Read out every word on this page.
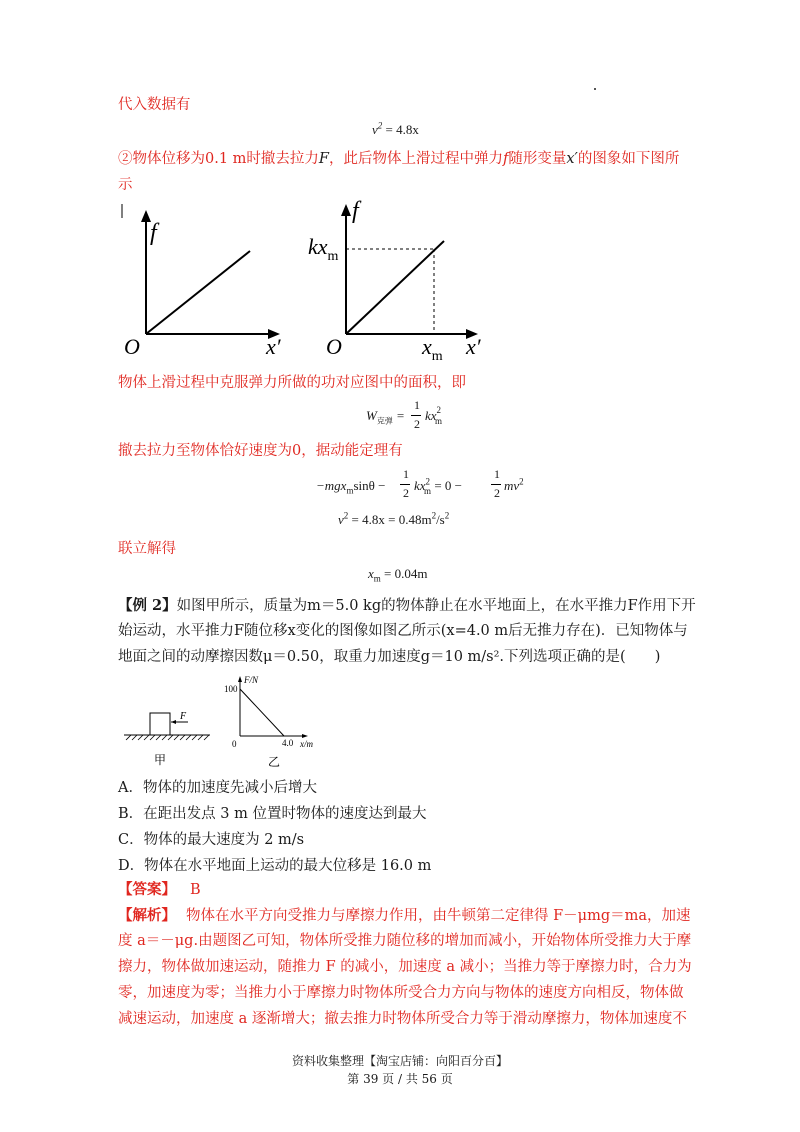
代入数据有
$v^2 = 4.8x$
②物体位移为0.1 m时撤去拉力F，此后物体上滑过程中弹力f随形变量x′的图象如下图所
示
f
O	x′
f
$kx_m$
O	$x_m$ x′
物体上滑过程中克服弹力所做的功对应图中的面积，即
$W_{克弹}$ =
1
2
$kx^2_m$
撤去拉力至物体恰好速度为0，据动能定理有
−mgx$_m$sinθ −
1
2 $kx^2_m = 0$ −
1
2 $mv^2$
$v^2 = 4.8x = 0.48m^2/s^2$
联立解得
$x_m = 0.04m$
【例 2】如图甲所示，质量为m＝5.0 kg的物体静止在水平地面上，在水平推力F作用下开
始运动，水平推力F随位移x变化的图像如图乙所示(x=4.0 m后无推力存在)．已知物体与
地面之间的动摩擦因数μ＝0.50，取重力加速度g＝10 m/s².下列选项正确的是(　　)
F
甲
F/N
100
0	4.0 x/m
乙
A．物体的加速度先减小后增大
B．在距出发点 3 m 位置时物体的速度达到最大
C．物体的最大速度为 2 m/s
D．物体在水平地面上运动的最大位移是 16.0 m
【答案】 B
【解析】 物体在水平方向受推力与摩擦力作用，由牛顿第二定律得 F－μmg＝ma，加速
度 a＝－μg.由题图乙可知，物体所受推力随位移的增加而减小，开始物体所受推力大于摩
擦力，物体做加速运动，随推力 F 的减小，加速度 a 减小；当推力等于摩擦力时，合力为
零，加速度为零；当推力小于摩擦力时物体所受合力方向与物体的速度方向相反，物体做
减速运动，加速度 a 逐渐增大；撤去推力时物体所受合力等于滑动摩擦力，物体加速度不
资料收集整理【淘宝店铺：向阳百分百】
第 39 页 / 共 56 页
